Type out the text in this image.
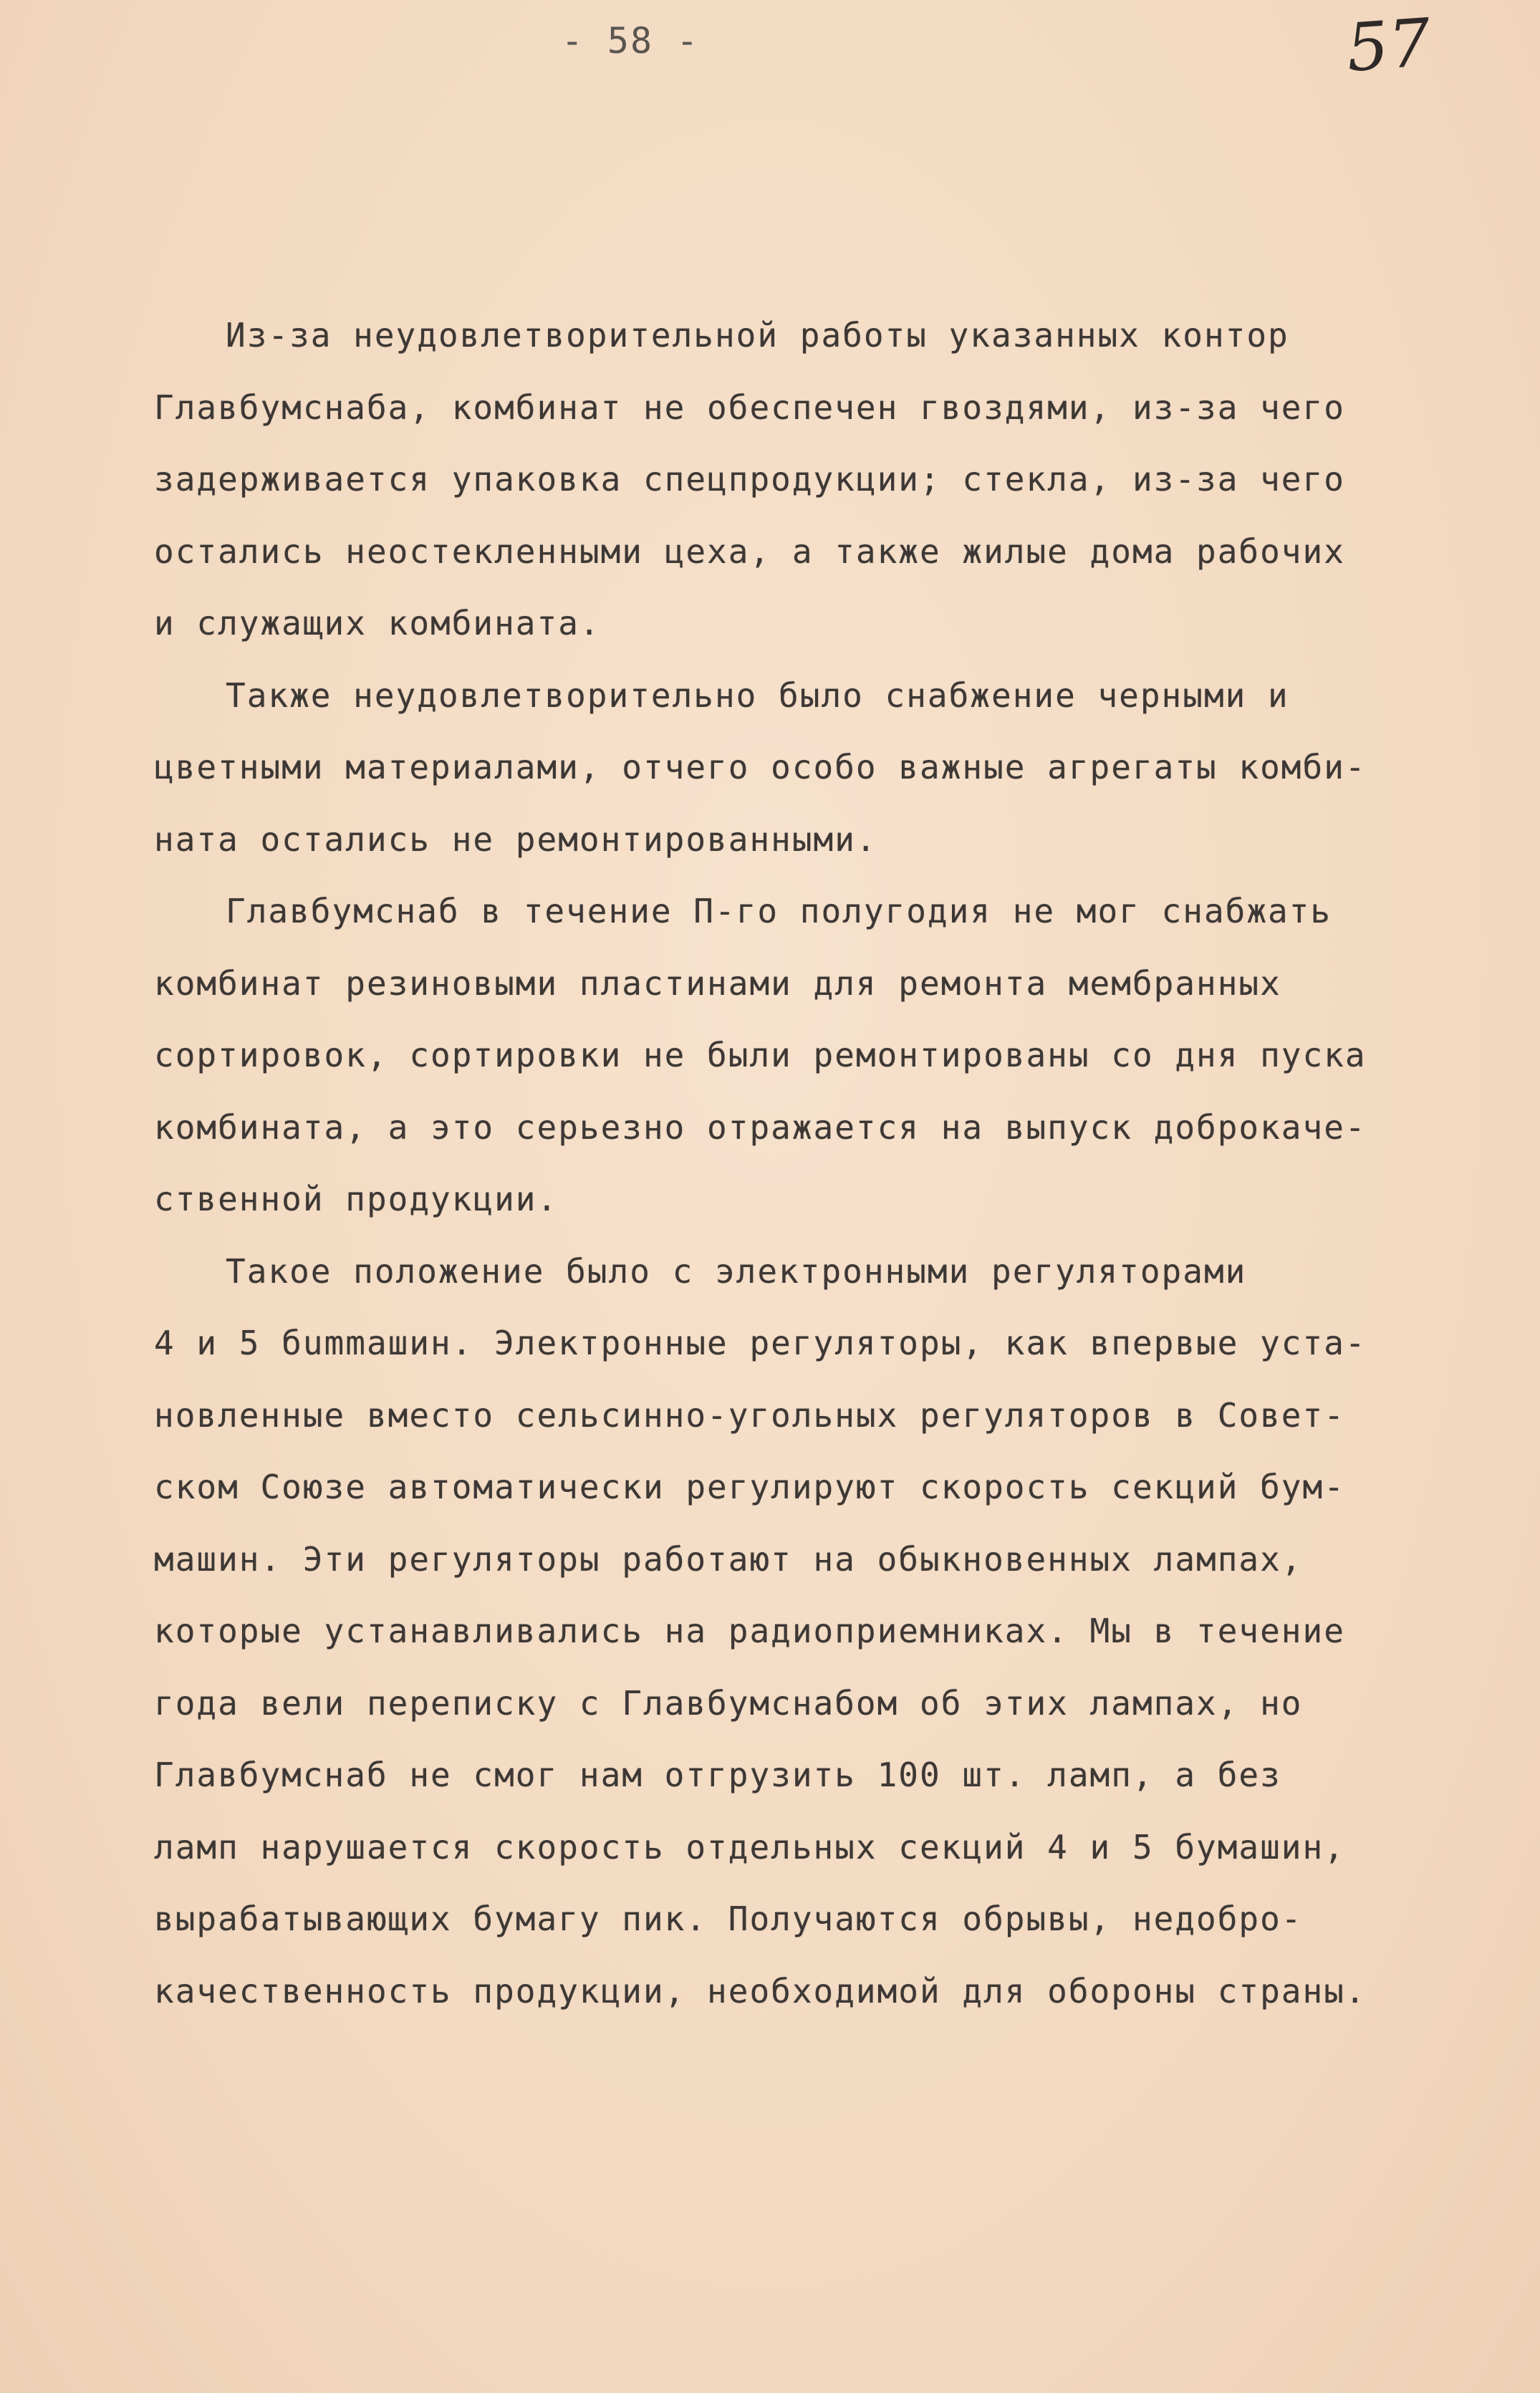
- 58 -	57

Из-за неудовлетворительной работы указанных контор
Главбумснаба, комбинат не обеспечен гвоздями, из-за чего
задерживается упаковка спецпродукции; стекла, из-за чего
остались неостекленными цеха, а также жилые дома рабочих
и служащих комбината.

Также неудовлетворительно было снабжение черными и
цветными материалами, отчего особо важные агрегаты комби-
ната остались не ремонтированными.

Главбумснаб в течение П-го полугодия не мог снабжать
комбинат резиновыми пластинами для ремонта мембранных
сортировок, сортировки не были ремонтированы со дня пуска
комбината, а это серьезно отражается на выпуск доброкаче-
ственной продукции.

Такое положение было с электронными регуляторами
4 и 5 бummашин. Электронные регуляторы, как впервые уста-
новленные вместо сельсинно-угольных регуляторов в Совет-
ском Союзе автоматически регулируют скорость секций бум-
машин. Эти регуляторы работают на обыкновенных лампах,
которые устанавливались на радиоприемниках. Мы в течение
года вели переписку с Главбумснабом об этих лампах, но
Главбумснаб не смог нам отгрузить 100 шт. ламп, а без
ламп нарушается скорость отдельных секций 4 и 5 бумашин,
вырабатывающих бумагу пик. Получаются обрывы, недобро-
качественность продукции, необходимой для обороны страны.
